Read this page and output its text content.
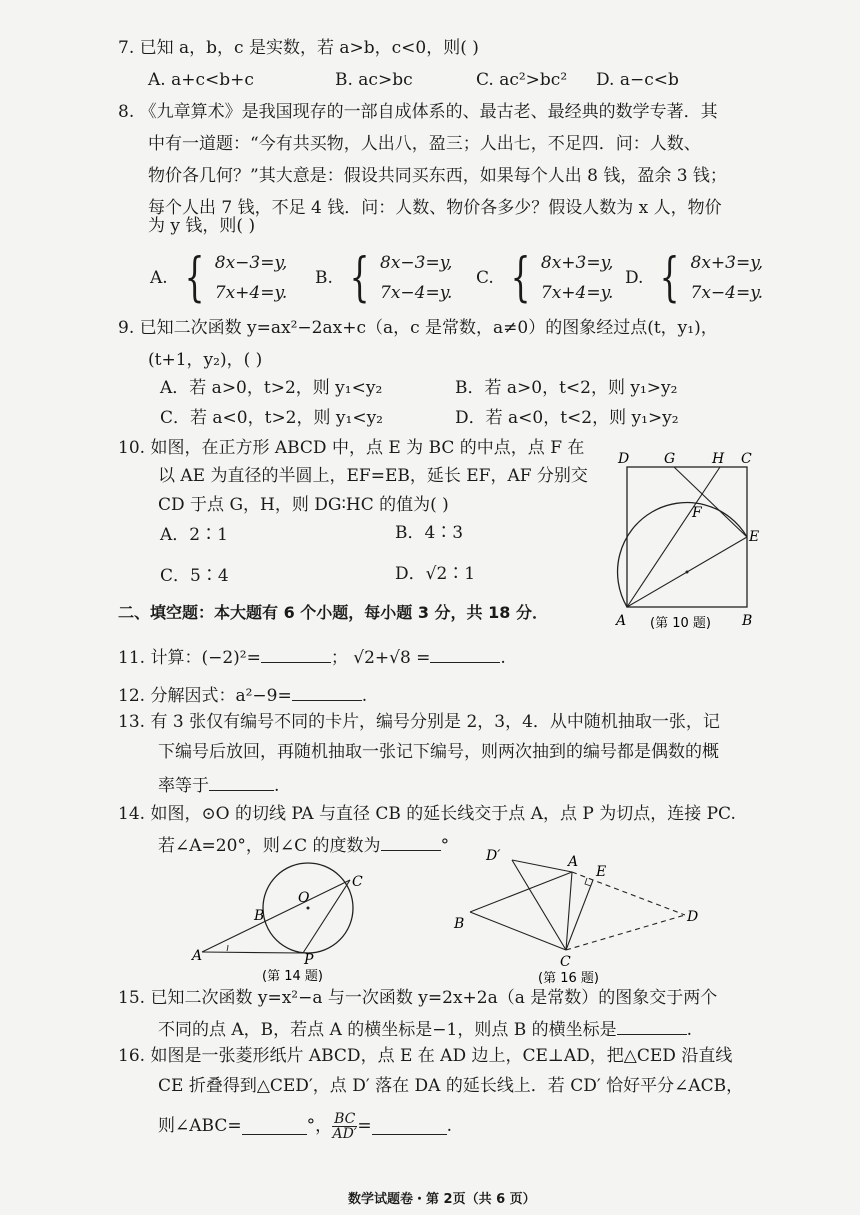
7. 已知 a，b，c 是实数，若 a>b，c<0，则( )
A. a+c<b+c	B. ac>bc	C. ac²>bc² D. a−c<b
8. 《九章算术》是我国现存的一部自成体系的、最古老、最经典的数学专著．其
中有一道题：“今有共买物，人出八，盈三；人出七，不足四．问：人数、
物价各几何？”其大意是：假设共同买东西，如果每个人出 8 钱，盈余 3 钱；
每个人出 7 钱，不足 4 钱．问：人数、物价各多少？假设人数为 x 人，物价
为 y 钱，则( )
A. { 8x−3=y,
7x+4=y.
B. { 8x−3=y,
7x−4=y.
C. { 8x+3=y,
7x+4=y.
D. { 8x+3=y,
7x−4=y.
9. 已知二次函数 y=ax²−2ax+c（a，c 是常数，a≠0）的图象经过点(t，y₁)，
(t+1，y₂)，( )
A．若 a>0，t>2，则 y₁<y₂	B．若 a>0，t<2，则 y₁>y₂
C．若 a<0，t>2，则 y₁<y₂	D．若 a<0，t<2，则 y₁>y₂
10. 如图，在正方形 ABCD 中，点 E 为 BC 的中点，点 F 在
以 AE 为直径的半圆上，EF=EB，延长 EF，AF 分别交
CD 于点 G，H，则 DG∶HC 的值为( )
A．2∶1	B．4∶3
C．5∶4	D．√2∶1
D G	H C
F
E
A	B
(第 10 题)
二、填空题：本大题有 6 个小题，每小题 3 分，共 18 分．
11. 计算：(−2)²=	； √2+√8 =	.
12. 分解因式：a²−9=	.
13. 有 3 张仅有编号不同的卡片，编号分别是 2，3，4．从中随机抽取一张，记
下编号后放回，再随机抽取一张记下编号，则两次抽到的编号都是偶数的概
率等于	.
14. 如图，⊙O 的切线 PA 与直径 CB 的延长线交于点 A，点 P 为切点，连接 PC.
若∠A=20°，则∠C 的度数为	°
O
C
B
A	P
(第 14 题)
D′	A
E
B	D
C
(第 16 题)
15. 已知二次函数 y=x²−a 与一次函数 y=2x+2a（a 是常数）的图象交于两个
不同的点 A，B，若点 A 的横坐标是−1，则点 B 的横坐标是	.
16. 如图是一张菱形纸片 ABCD，点 E 在 AD 边上，CE⊥AD，把△CED 沿直线
CE 折叠得到△CED′，点 D′ 落在 DA 的延长线上．若 CD′ 恰好平分∠ACB，
则∠ABC=	°， $\frac{BC}{AD'}$ =	.
数学试题卷・第 2页（共 6 页）
